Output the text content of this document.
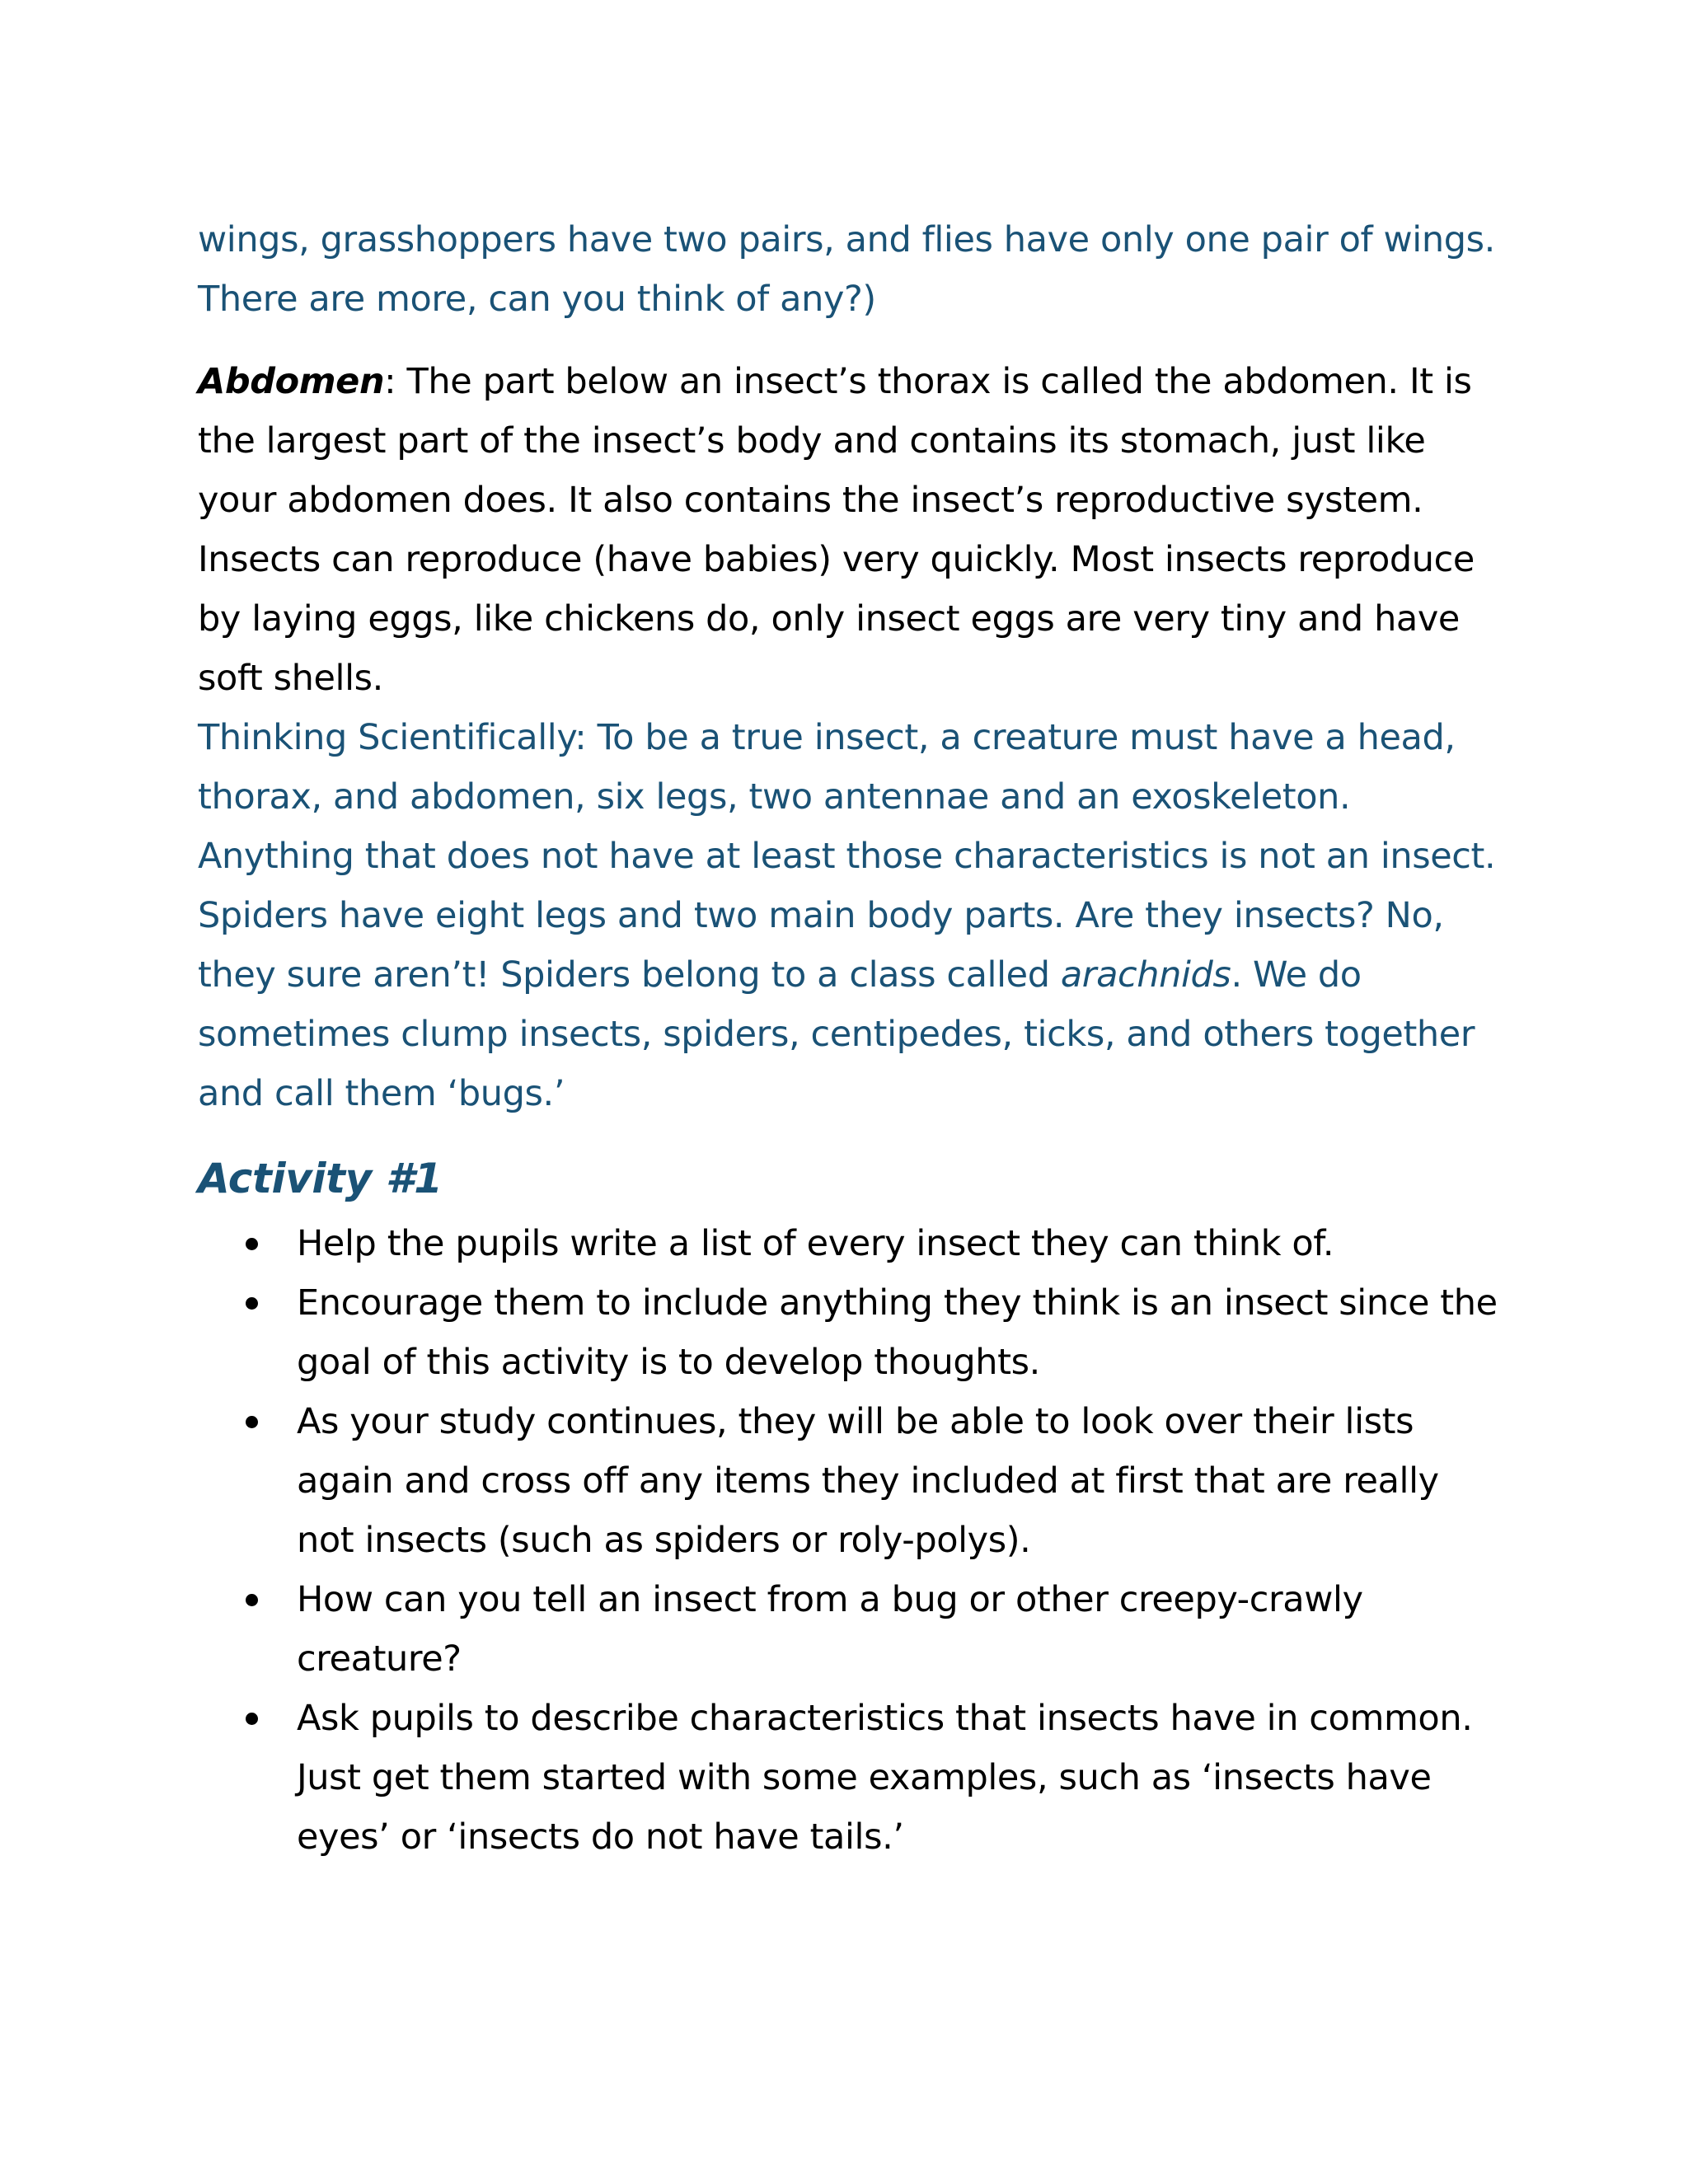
wings, grasshoppers have two pairs, and flies have only one pair of wings. There are more, can you think of any?)

Abdomen: The part below an insect’s thorax is called the abdomen. It is the largest part of the insect’s body and contains its stomach, just like your abdomen does. It also contains the insect’s reproductive system. Insects can reproduce (have babies) very quickly. Most insects reproduce by laying eggs, like chickens do, only insect eggs are very tiny and have soft shells.

Thinking Scientifically: To be a true insect, a creature must have a head, thorax, and abdomen, six legs, two antennae and an exoskeleton. Anything that does not have at least those characteristics is not an insect. Spiders have eight legs and two main body parts. Are they insects? No, they sure aren’t! Spiders belong to a class called arachnids. We do sometimes clump insects, spiders, centipedes, ticks, and others together and call them ‘bugs.’

Activity #1
Help the pupils write a list of every insect they can think of.
Encourage them to include anything they think is an insect since the goal of this activity is to develop thoughts.
As your study continues, they will be able to look over their lists again and cross off any items they included at first that are really not insects (such as spiders or roly-polys).
How can you tell an insect from a bug or other creepy-crawly creature?
Ask pupils to describe characteristics that insects have in common. Just get them started with some examples, such as ‘insects have eyes’ or ‘insects do not have tails.’
